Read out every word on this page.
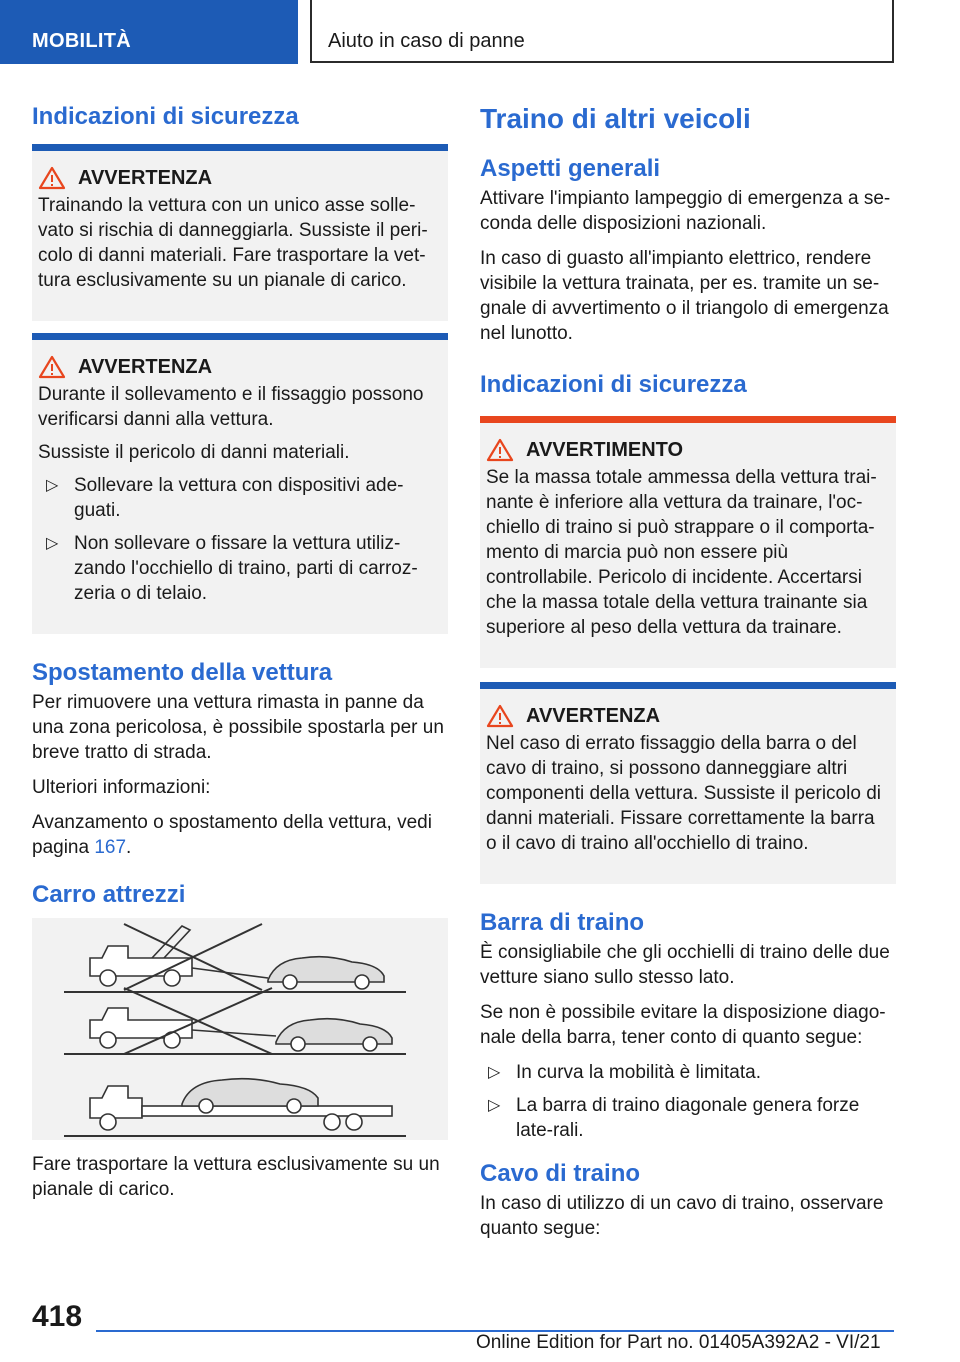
MOBILITÀ	Aiuto in caso di panne
Indicazioni di sicurezza
AVVERTENZA

Trainando la vettura con un unico asse solle-vato si rischia di danneggiarla. Sussiste il peri-colo di danni materiali. Fare trasportare la vet-tura esclusivamente su un pianale di carico.

AVVERTENZA

Durante il sollevamento e il fissaggio possono verificarsi danni alla vettura.

Sussiste il pericolo di danni materiali.

▷ Sollevare la vettura con dispositivi ade-guati.
▷ Non sollevare o fissare la vettura utiliz-zando l'occhiello di traino, parti di carroz-zeria o di telaio.
Spostamento della vettura

Per rimuovere una vettura rimasta in panne da una zona pericolosa, è possibile spostarla per un breve tratto di strada.

Ulteriori informazioni:

Avanzamento o spostamento della vettura, vedi pagina 167.

Carro attrezzi

Fare trasportare la vettura esclusivamente su un pianale di carico.

Traino di altri veicoli
Aspetti generali

Attivare l'impianto lampeggio di emergenza a se-conda delle disposizioni nazionali.

In caso di guasto all'impianto elettrico, rendere visibile la vettura trainata, per es. tramite un se-gnale di avvertimento o il triangolo di emergenza nel lunotto.

Indicazioni di sicurezza
AVVERTIMENTO

Se la massa totale ammessa della vettura trai-nante è inferiore alla vettura da trainare, l'oc-chiello di traino si può strappare o il comporta-mento di marcia può non essere più controllabile. Pericolo di incidente. Accertarsi che la massa totale della vettura trainante sia superiore al peso della vettura da trainare.

AVVERTENZA

Nel caso di errato fissaggio della barra o del cavo di traino, si possono danneggiare altri componenti della vettura. Sussiste il pericolo di danni materiali. Fissare correttamente la barra o il cavo di traino all'occhiello di traino.

Barra di traino

È consigliabile che gli occhielli di traino delle due vetture siano sullo stesso lato.

Se non è possibile evitare la disposizione diago-nale della barra, tener conto di quanto segue:

▷ In curva la mobilità è limitata.
▷ La barra di traino diagonale genera forze late-rali.
Cavo di traino

In caso di utilizzo di un cavo di traino, osservare quanto segue:

418
Online Edition for Part no. 01405A392A2 - VI/21
